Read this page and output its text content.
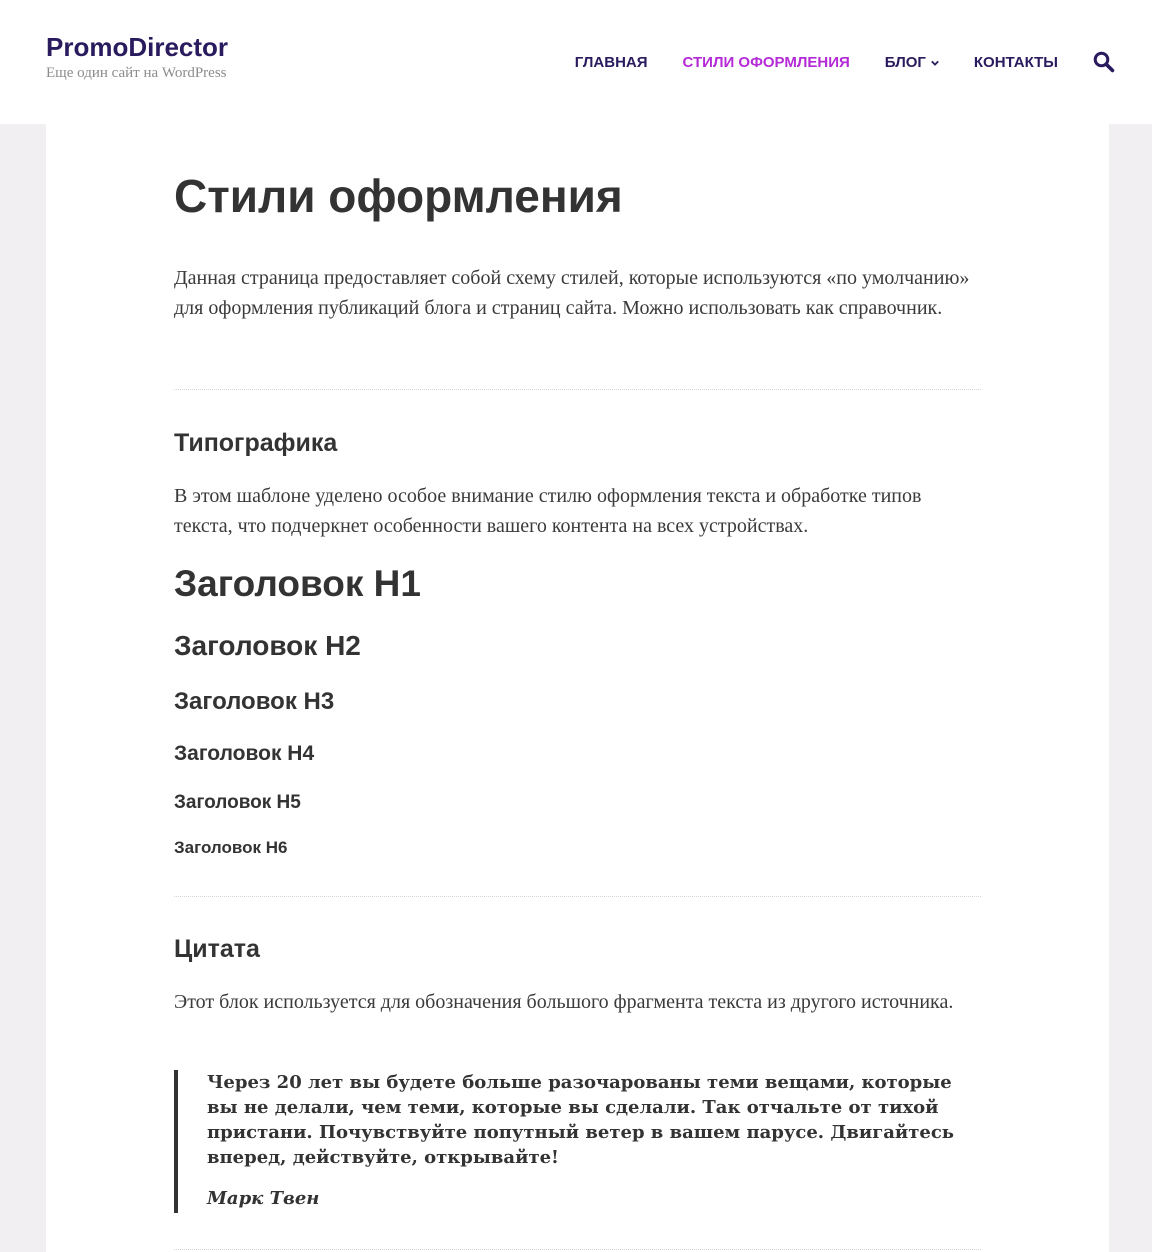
PromoDirector
Еще один сайт на WordPress
ГЛАВНАЯ СТИЛИ ОФОРМЛЕНИЯ БЛОГ	КОНТАКТЫ
Стили оформления

Данная страница предоставляет собой схему стилей, которые используются «по умолчанию» для оформления публикаций блога и страниц сайта. Можно использовать как справочник.

Типографика

В этом шаблоне уделено особое внимание стилю оформления текста и обработке типов текста, что подчеркнет особенности вашего контента на всех устройствах.

Заголовок H1
Заголовок H2
Заголовок H3
Заголовок H4
Заголовок H5
Заголовок H6
Цитата

Этот блок используется для обозначения большого фрагмента текста из другого источника.

Через 20 лет вы будете больше разочарованы теми вещами, которые вы не делали, чем теми, которые вы сделали. Так отчальте от тихой пристани. Почувствуйте попутный ветер в вашем парусе. Двигайтесь вперед, действуйте, открывайте!

Марк Твен
